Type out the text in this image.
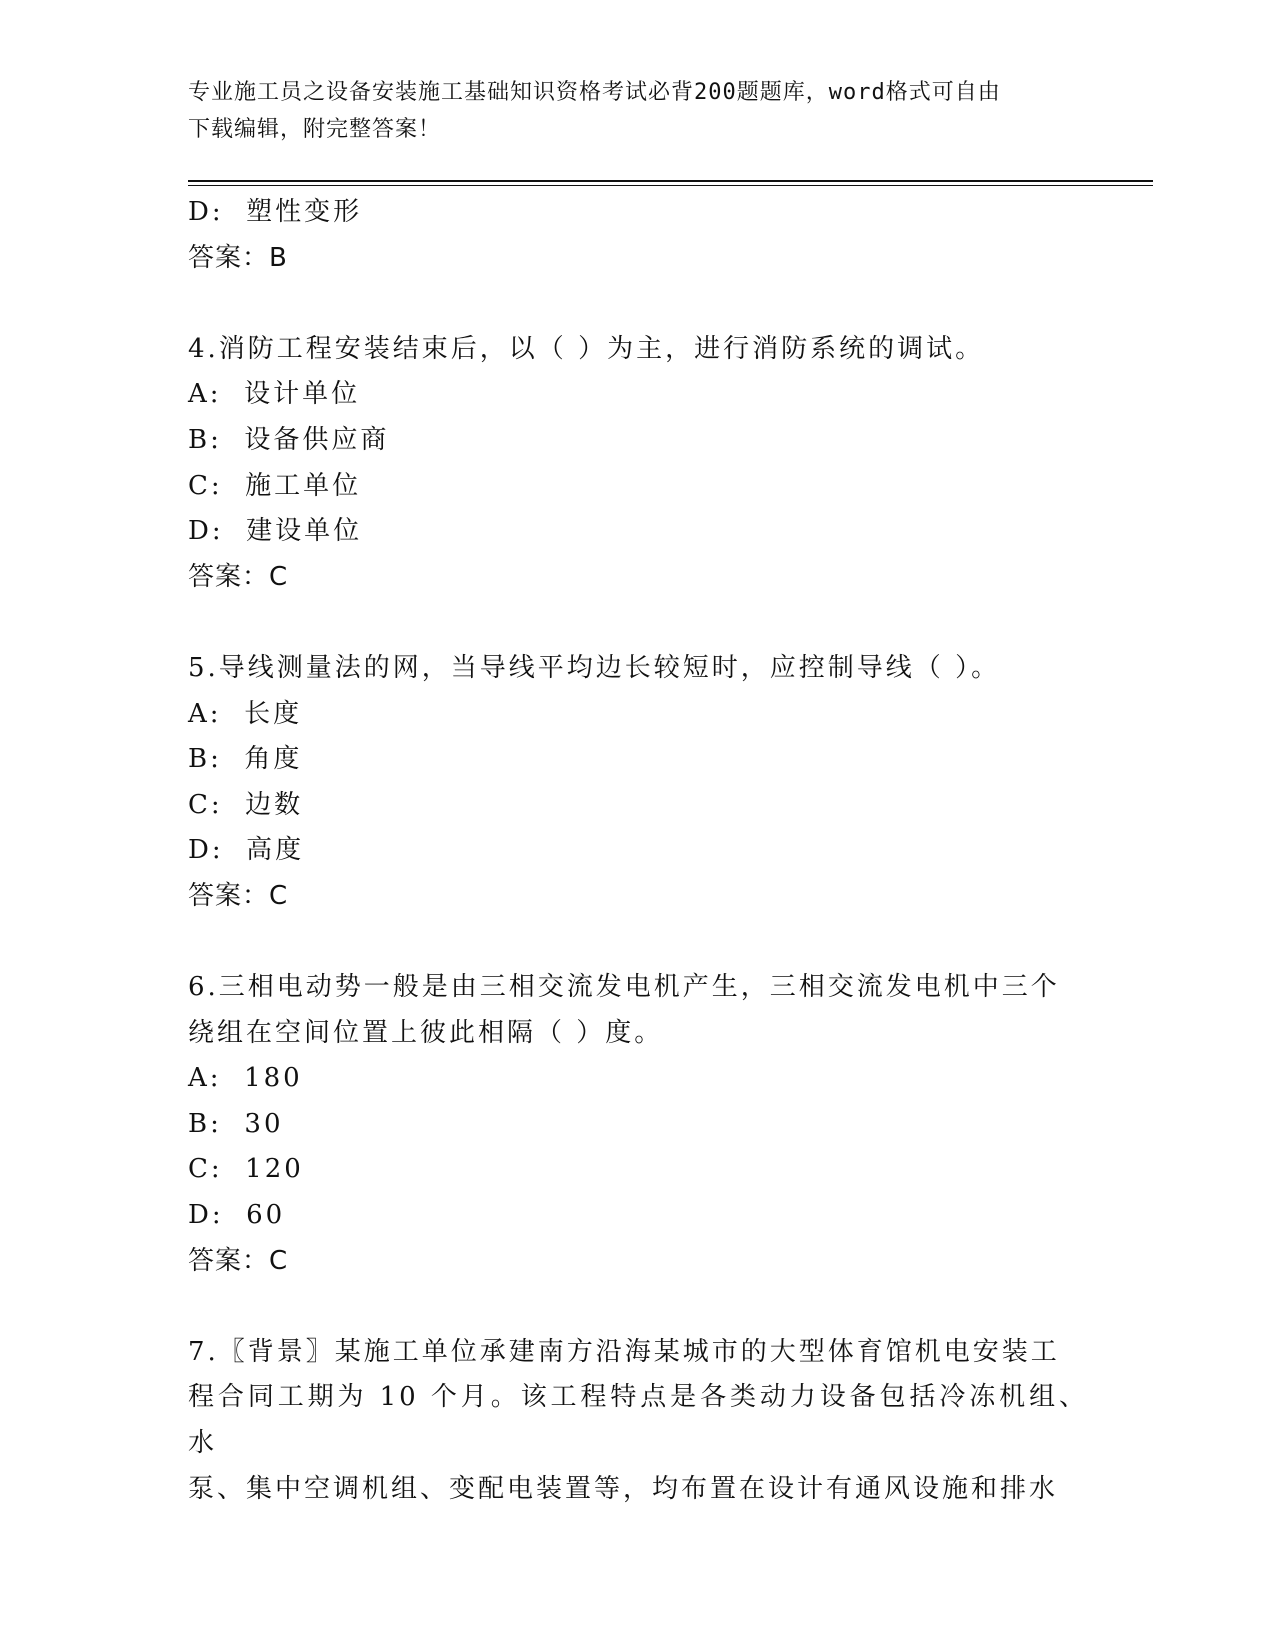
专业施工员之设备安装施工基础知识资格考试必背200题题库，word格式可自由
下载编辑，附完整答案！
D:  塑性变形
答案：B
4.消防工程安装结束后，以（ ）为主，进行消防系统的调试。
A:  设计单位
B:  设备供应商
C:  施工单位
D:  建设单位
答案：C
5.导线测量法的网，当导线平均边长较短时，应控制导线（ ）。
A:  长度
B:  角度
C:  边数
D:  高度
答案：C
6.三相电动势一般是由三相交流发电机产生，三相交流发电机中三个
绕组在空间位置上彼此相隔（ ）度。
A:  180
B:  30
C:  120
D:  60
答案：C
7.〖背景〗某施工单位承建南方沿海某城市的大型体育馆机电安装工
程合同工期为 10 个月。该工程特点是各类动力设备包括冷冻机组、水
泵、集中空调机组、变配电装置等，均布置在设计有通风设施和排水
